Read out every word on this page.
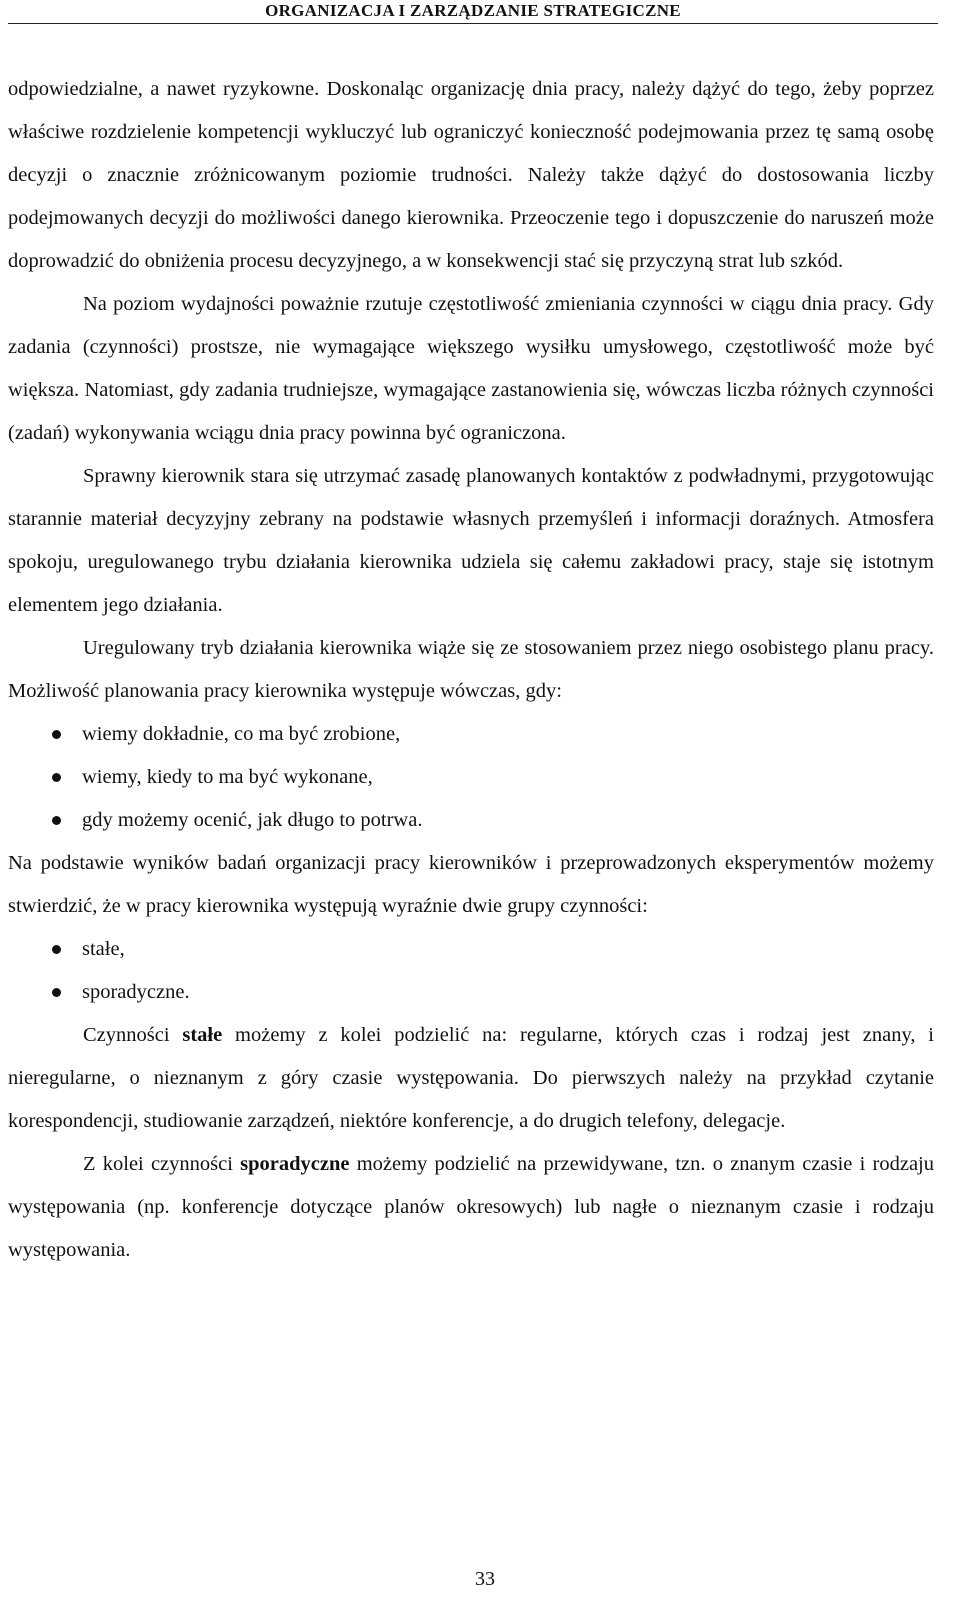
ORGANIZACJA I ZARZĄDZANIE STRATEGICZNE

odpowiedzialne, a nawet ryzykowne. Doskonaląc organizację dnia pracy, należy dążyć do tego, żeby poprzez właściwe rozdzielenie kompetencji wykluczyć lub ograniczyć konieczność podejmowania przez tę samą osobę decyzji o znacznie zróżnicowanym poziomie trudności. Należy także dążyć do dostosowania liczby podejmowanych decyzji do możliwości danego kierownika. Przeoczenie tego i dopuszczenie do naruszeń może doprowadzić do obniżenia procesu decyzyjnego, a w konsekwencji stać się przyczyną strat lub szkód.

Na poziom wydajności poważnie rzutuje częstotliwość zmieniania czynności w ciągu dnia pracy. Gdy zadania (czynności) prostsze, nie wymagające większego wysiłku umysłowego, częstotliwość może być większa. Natomiast, gdy zadania trudniejsze, wymagające zastanowienia się, wówczas liczba różnych czynności (zadań) wykonywania wciągu dnia pracy powinna być ograniczona.

Sprawny kierownik stara się utrzymać zasadę planowanych kontaktów z podwładnymi, przygotowując starannie materiał decyzyjny zebrany na podstawie własnych przemyśleń i informacji doraźnych. Atmosfera spokoju, uregulowanego trybu działania kierownika udziela się całemu zakładowi pracy, staje się istotnym elementem jego działania.

Uregulowany tryb działania kierownika wiąże się ze stosowaniem przez niego osobistego planu pracy. Możliwość planowania pracy kierownika występuje wówczas, gdy:

wiemy dokładnie, co ma być zrobione,
wiemy, kiedy to ma być wykonane,
gdy możemy ocenić, jak długo to potrwa.

Na podstawie wyników badań organizacji pracy kierowników i przeprowadzonych eksperymentów możemy stwierdzić, że w pracy kierownika występują wyraźnie dwie grupy czynności:

stałe,
sporadyczne.

Czynności stałe możemy z kolei podzielić na: regularne, których czas i rodzaj jest znany, i nieregularne, o nieznanym z góry czasie występowania. Do pierwszych należy na przykład czytanie korespondencji, studiowanie zarządzeń, niektóre konferencje, a do drugich telefony, delegacje.

Z kolei czynności sporadyczne możemy podzielić na przewidywane, tzn. o znanym czasie i rodzaju występowania (np. konferencje dotyczące planów okresowych) lub nagłe o nieznanym czasie i rodzaju występowania.

33
